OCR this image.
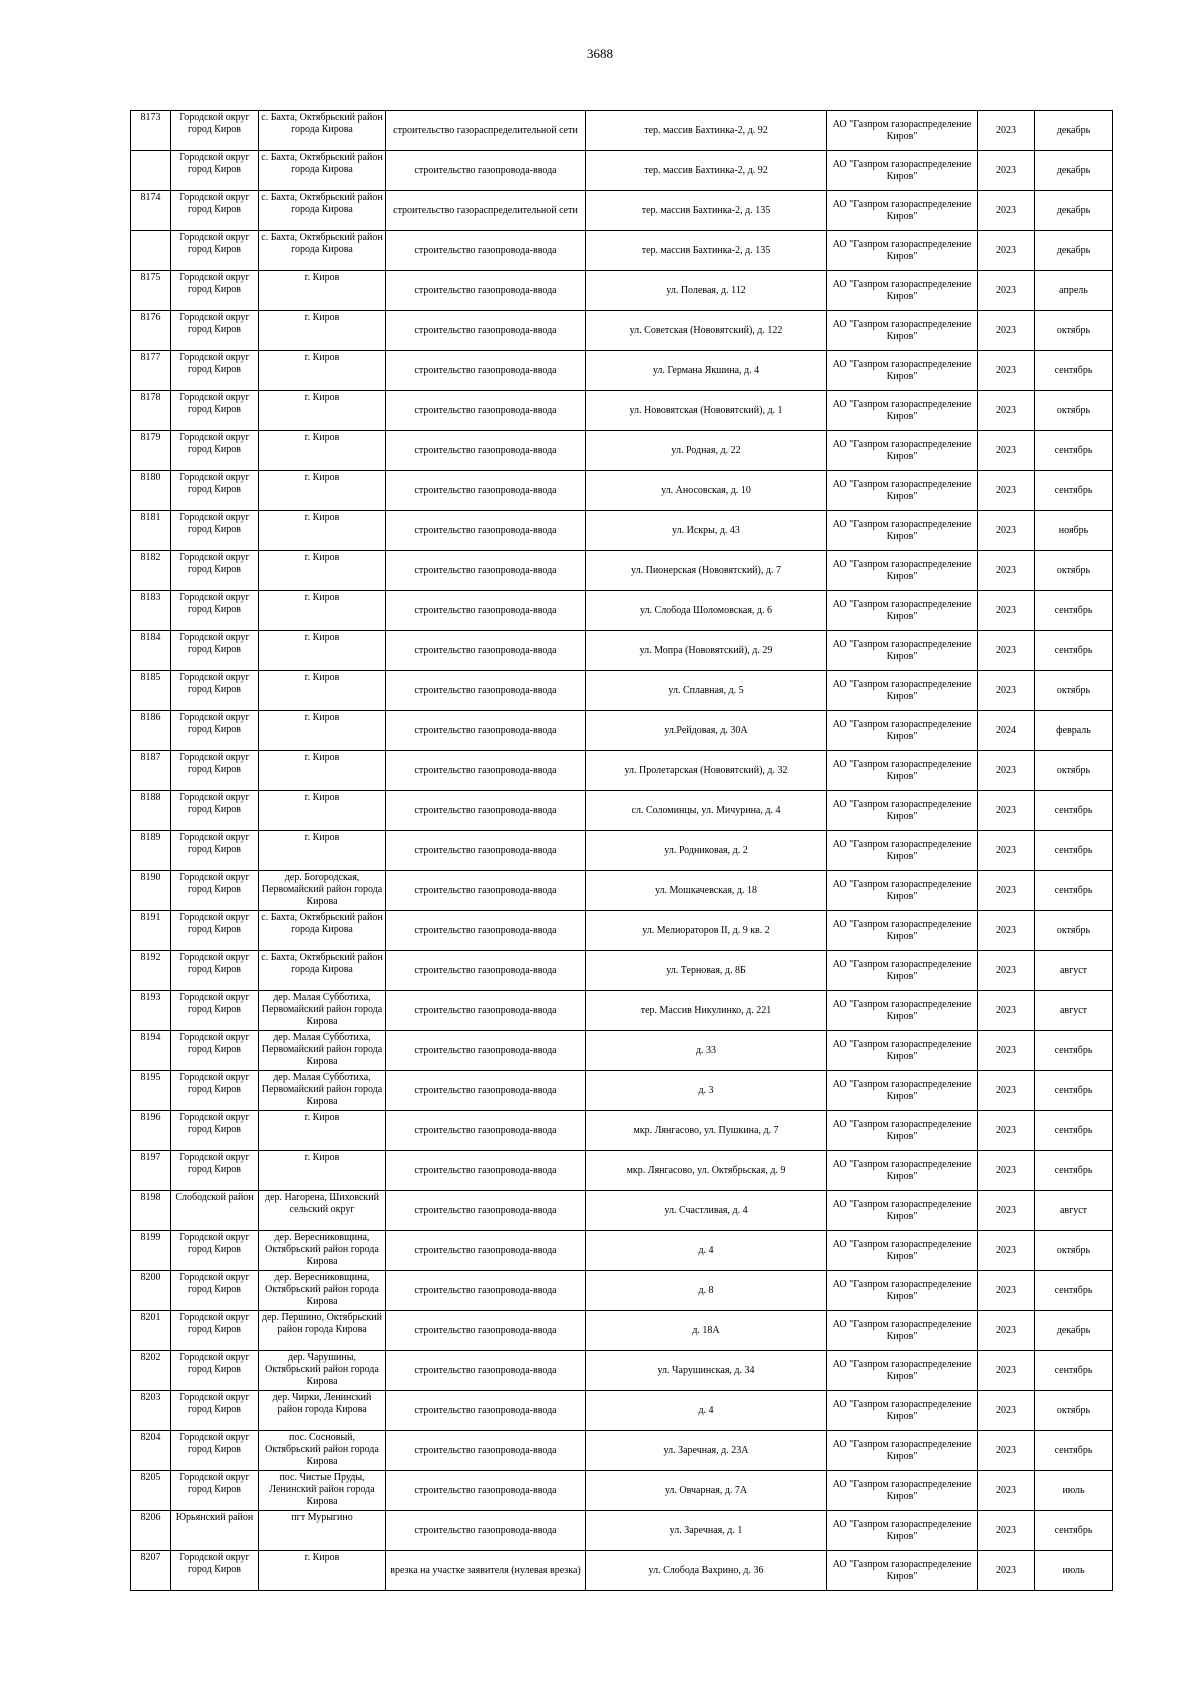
3688
8173	Городской округ город Киров	с. Бахта, Октябрьский район города Кирова	строительство газораспределительной сети	тер. массив Бахтинка-2, д. 92	АО "Газпром газораспределение Киров"	2023	декабрь

	Городской округ город Киров	с. Бахта, Октябрьский район города Кирова	строительство газопровода-ввода	тер. массив Бахтинка-2, д. 92	АО "Газпром газораспределение Киров"	2023	декабрь

8174	Городской округ город Киров	с. Бахта, Октябрьский район города Кирова	строительство газораспределительной сети	тер. массив Бахтинка-2, д. 135	АО "Газпром газораспределение Киров"	2023	декабрь

	Городской округ город Киров	с. Бахта, Октябрьский район города Кирова	строительство газопровода-ввода	тер. массив Бахтинка-2, д. 135	АО "Газпром газораспределение Киров"	2023	декабрь

8175	Городской округ город Киров	г. Киров	строительство газопровода-ввода	ул. Полевая, д. 112	АО "Газпром газораспределение Киров"	2023	апрель

8176	Городской округ город Киров	г. Киров	строительство газопровода-ввода	ул. Советская (Нововятский), д. 122	АО "Газпром газораспределение Киров"	2023	октябрь

8177	Городской округ город Киров	г. Киров	строительство газопровода-ввода	ул. Германа Якшина, д. 4	АО "Газпром газораспределение Киров"	2023	сентябрь

8178	Городской округ город Киров	г. Киров	строительство газопровода-ввода	ул. Нововятская (Нововятский), д. 1	АО "Газпром газораспределение Киров"	2023	октябрь

8179	Городской округ город Киров	г. Киров	строительство газопровода-ввода	ул. Родная, д. 22	АО "Газпром газораспределение Киров"	2023	сентябрь

8180	Городской округ город Киров	г. Киров	строительство газопровода-ввода	ул. Аносовская, д. 10	АО "Газпром газораспределение Киров"	2023	сентябрь

8181	Городской округ город Киров	г. Киров	строительство газопровода-ввода	ул. Искры, д. 43	АО "Газпром газораспределение Киров"	2023	ноябрь

8182	Городской округ город Киров	г. Киров	строительство газопровода-ввода	ул. Пионерская (Нововятский), д. 7	АО "Газпром газораспределение Киров"	2023	октябрь

8183	Городской округ город Киров	г. Киров	строительство газопровода-ввода	ул. Слобода Шоломовская, д. 6	АО "Газпром газораспределение Киров"	2023	сентябрь

8184	Городской округ город Киров	г. Киров	строительство газопровода-ввода	ул. Мопра (Нововятский), д. 29	АО "Газпром газораспределение Киров"	2023	сентябрь

8185	Городской округ город Киров	г. Киров	строительство газопровода-ввода	ул. Сплавная, д. 5	АО "Газпром газораспределение Киров"	2023	октябрь

8186	Городской округ город Киров	г. Киров	строительство газопровода-ввода	ул.Рейдовая, д. 30А	АО "Газпром газораспределение Киров"	2024	февраль

8187	Городской округ город Киров	г. Киров	строительство газопровода-ввода	ул. Пролетарская (Нововятский), д. 32	АО "Газпром газораспределение Киров"	2023	октябрь

8188	Городской округ город Киров	г. Киров	строительство газопровода-ввода	сл. Соломинцы, ул. Мичурина, д. 4	АО "Газпром газораспределение Киров"	2023	сентябрь

8189	Городской округ город Киров	г. Киров	строительство газопровода-ввода	ул. Родниковая, д. 2	АО "Газпром газораспределение Киров"	2023	сентябрь

8190	Городской округ город Киров	дер. Богородская, Первомайский район города Кирова	строительство газопровода-ввода	ул. Мошкачевская, д. 18	АО "Газпром газораспределение Киров"	2023	сентябрь

8191	Городской округ город Киров	с. Бахта, Октябрьский район города Кирова	строительство газопровода-ввода	ул. Мелиораторов II, д. 9 кв. 2	АО "Газпром газораспределение Киров"	2023	октябрь

8192	Городской округ город Киров	с. Бахта, Октябрьский район города Кирова	строительство газопровода-ввода	ул. Терновая, д. 8Б	АО "Газпром газораспределение Киров"	2023	август

8193	Городской округ город Киров	дер. Малая Субботиха, Первомайский район города Кирова	строительство газопровода-ввода	тер. Массив Никулинко, д. 221	АО "Газпром газораспределение Киров"	2023	август

8194	Городской округ город Киров	дер. Малая Субботиха, Первомайский район города Кирова	строительство газопровода-ввода	д. 33	АО "Газпром газораспределение Киров"	2023	сентябрь

8195	Городской округ город Киров	дер. Малая Субботиха, Первомайский район города Кирова	строительство газопровода-ввода	д. 3	АО "Газпром газораспределение Киров"	2023	сентябрь

8196	Городской округ город Киров	г. Киров	строительство газопровода-ввода	мкр. Лянгасово, ул. Пушкина, д. 7	АО "Газпром газораспределение Киров"	2023	сентябрь

8197	Городской округ город Киров	г. Киров	строительство газопровода-ввода	мкр. Лянгасово, ул. Октябрьская, д. 9	АО "Газпром газораспределение Киров"	2023	сентябрь

8198	Слободской район	дер. Нагорена, Шиховский сельский округ	строительство газопровода-ввода	ул. Счастливая, д. 4	АО "Газпром газораспределение Киров"	2023	август

8199	Городской округ город Киров	дер. Вересниковщина, Октябрьский район города Кирова	строительство газопровода-ввода	д. 4	АО "Газпром газораспределение Киров"	2023	октябрь

8200	Городской округ город Киров	дер. Вересниковщина, Октябрьский район города Кирова	строительство газопровода-ввода	д. 8	АО "Газпром газораспределение Киров"	2023	сентябрь

8201	Городской округ город Киров	дер. Першино, Октябрьский район города Кирова	строительство газопровода-ввода	д. 18А	АО "Газпром газораспределение Киров"	2023	декабрь

8202	Городской округ город Киров	дер. Чарушины, Октябрьский район города Кирова	строительство газопровода-ввода	ул. Чарушинская, д. 34	АО "Газпром газораспределение Киров"	2023	сентябрь

8203	Городской округ город Киров	дер. Чирки, Ленинский район города Кирова	строительство газопровода-ввода	д. 4	АО "Газпром газораспределение Киров"	2023	октябрь

8204	Городской округ город Киров	пос. Сосновый, Октябрьский район города Кирова	строительство газопровода-ввода	ул. Заречная, д. 23А	АО "Газпром газораспределение Киров"	2023	сентябрь

8205	Городской округ город Киров	пос. Чистые Пруды, Ленинский район города Кирова	строительство газопровода-ввода	ул. Овчарная, д. 7А	АО "Газпром газораспределение Киров"	2023	июль

8206	Юрьянский район	пгт Мурыгино	строительство газопровода-ввода	ул. Заречная, д. 1	АО "Газпром газораспределение Киров"	2023	сентябрь

8207	Городской округ город Киров	г. Киров	врезка на участке заявителя (нулевая врезка)	ул. Слобода Вахрино, д. 36	АО "Газпром газораспределение Киров"	2023	июль
